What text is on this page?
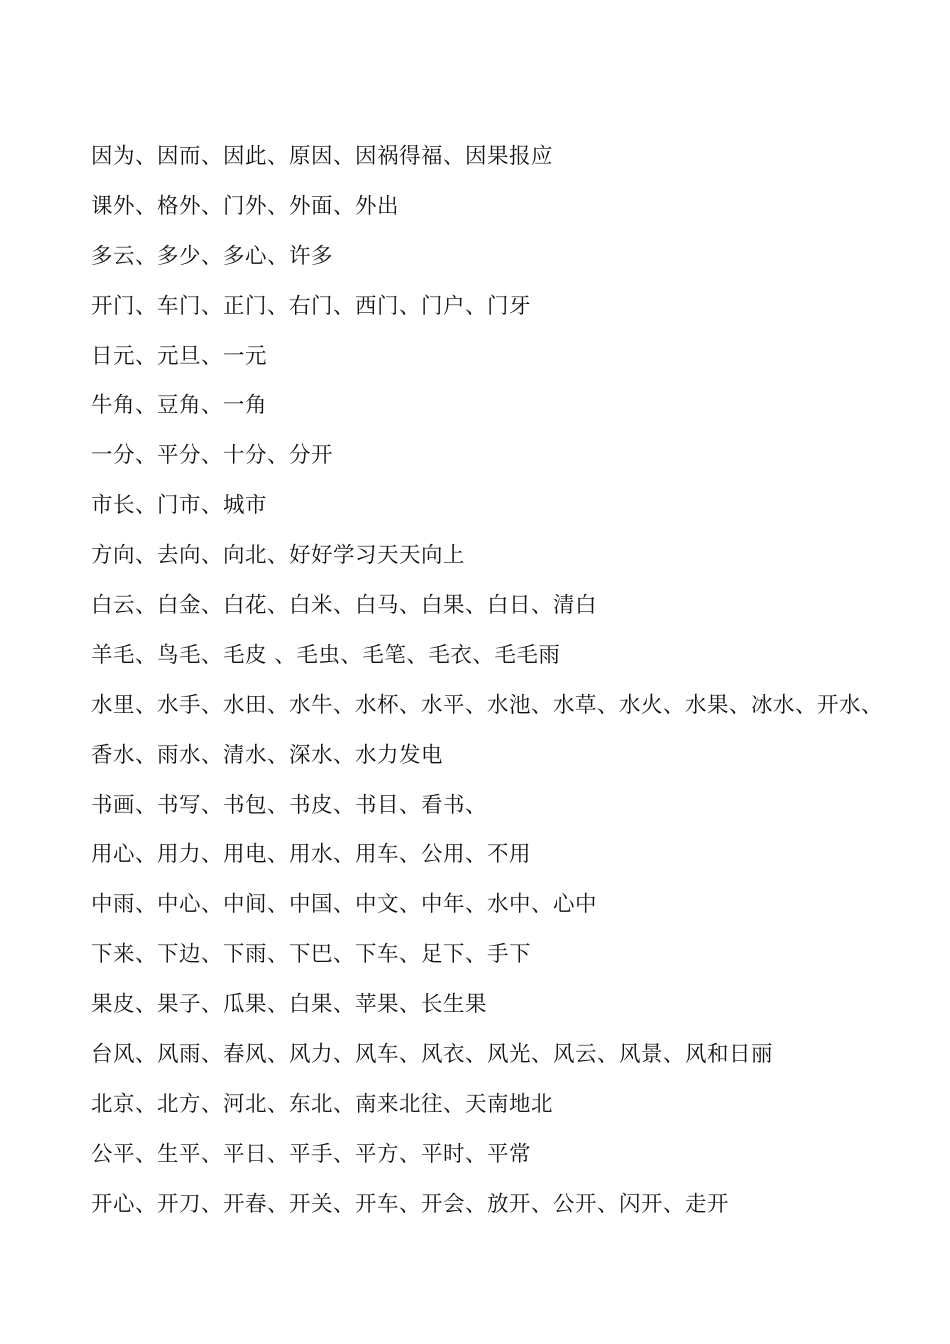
因为、因而、因此、原因、因祸得福、因果报应
课外、格外、门外、外面、外出
多云、多少、多心、许多
开门、车门、正门、右门、西门、门户、门牙
日元、元旦、一元
牛角、豆角、一角
一分、平分、十分、分开
市长、门市、城市
方向、去向、向北、好好学习天天向上
白云、白金、白花、白米、白马、白果、白日、清白
羊毛、鸟毛、毛皮 、毛虫、毛笔、毛衣、毛毛雨
水里、水手、水田、水牛、水杯、水平、水池、水草、水火、水果、冰水、开水、
香水、雨水、清水、深水、水力发电
书画、书写、书包、书皮、书目、看书、
用心、用力、用电、用水、用车、公用、不用
中雨、中心、中间、中国、中文、中年、水中、心中
下来、下边、下雨、下巴、下车、足下、手下
果皮、果子、瓜果、白果、苹果、长生果
台风、风雨、春风、风力、风车、风衣、风光、风云、风景、风和日丽
北京、北方、河北、东北、南来北往、天南地北
公平、生平、平日、平手、平方、平时、平常
开心、开刀、开春、开关、开车、开会、放开、公开、闪开、走开
